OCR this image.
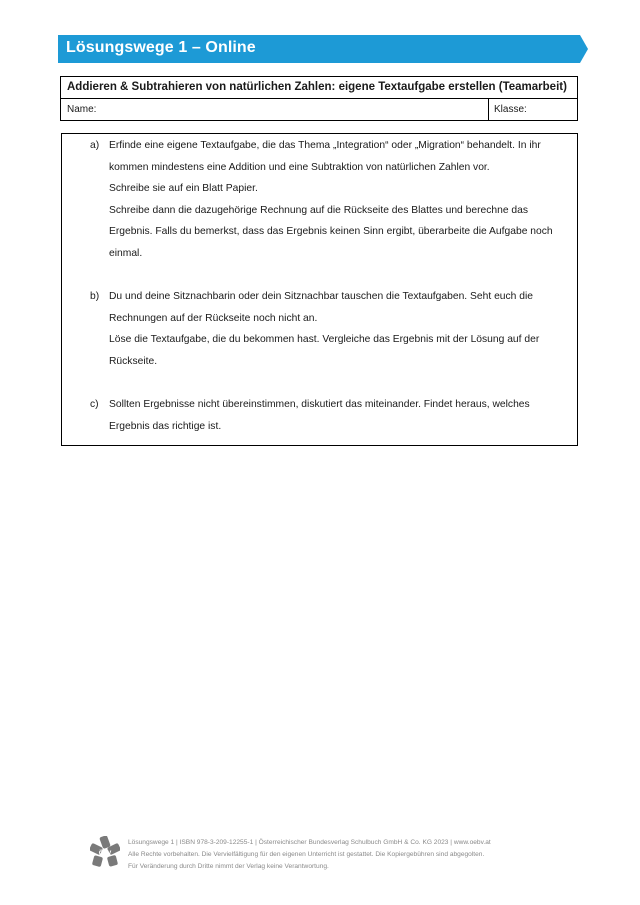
Lösungswege 1 – Online
Addieren & Subtrahieren von natürlichen Zahlen: eigene Textaufgabe erstellen (Teamarbeit)
Name:	Klasse:
a) Erfinde eine eigene Textaufgabe, die das Thema „Integration“ oder „Migration“ behandelt. In ihr kommen mindestens eine Addition und eine Subtraktion von natürlichen Zahlen vor.

Schreibe sie auf ein Blatt Papier.

Schreibe dann die dazugehörige Rechnung auf die Rückseite des Blattes und berechne das Ergebnis. Falls du bemerkst, dass das Ergebnis keinen Sinn ergibt, überarbeite die Aufgabe noch einmal.

b) Du und deine Sitznachbarin oder dein Sitznachbar tauschen die Textaufgaben. Seht euch die Rechnungen auf der Rückseite noch nicht an.

Löse die Textaufgabe, die du bekommen hast. Vergleiche das Ergebnis mit der Lösung auf der Rückseite.

c) Sollten Ergebnisse nicht übereinstimmen, diskutiert das miteinander. Findet heraus, welches Ergebnis das richtige ist.

öbv
Lösungswege 1 | ISBN 978-3-209-12255-1 | Österreichischer Bundesverlag Schulbuch GmbH & Co. KG 2023 | www.oebv.at
Alle Rechte vorbehalten. Die Vervielfältigung für den eigenen Unterricht ist gestattet. Die Kopiergebühren sind abgegolten.
Für Veränderung durch Dritte nimmt der Verlag keine Verantwortung.
